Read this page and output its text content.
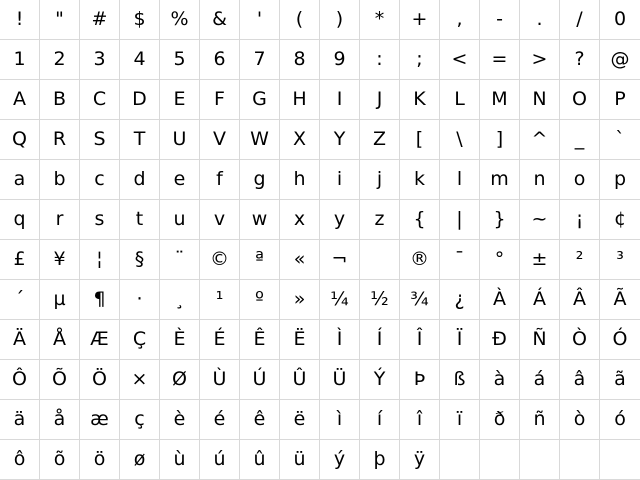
! " # $ % & ' ( ) * + , - . / 0
1 2 3 4 5 6 7 8 9 : ; < = > ? @
A B C D E F G H I J K L M N O P
Q R S T U V W X Y Z [ \ ] ^ _ `
a b c d e f g h i j k l m n o p
q r s t u v w x y z { | } ~ ¡ ¢
£ ¥ ¦ § ¨ © ª « ¬	® ¯ ° ± ² ³
´ µ ¶ · ¸ ¹ º » ¼ ½ ¾ ¿ À Á Â Ã
Ä Å Æ Ç È É Ê Ë Ì Í Î Ï Ð Ñ Ò Ó
Ô Õ Ö × Ø Ù Ú Û Ü Ý Þ ß à á â ã
ä å æ ç è é ê ë ì í î ï ð ñ ò ó
ô õ ö ø ù ú û ü ý þ ÿ
